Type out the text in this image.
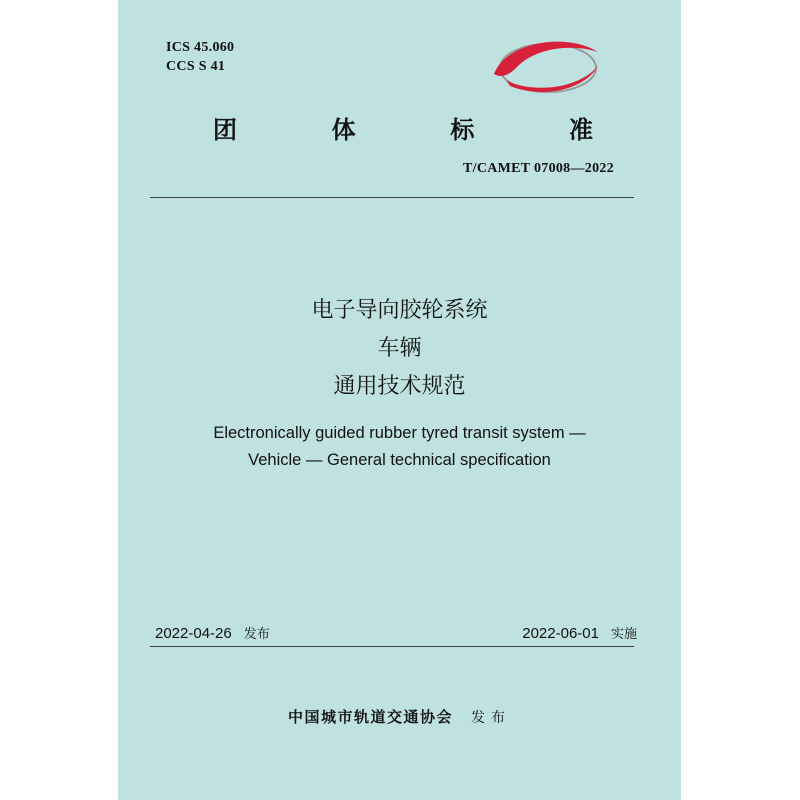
ICS 45.060
CCS S 41
团	体	标	准
T/CAMET 07008—2022
电子导向胶轮系统
车辆
通用技术规范
Electronically guided rubber tyred transit system —
Vehicle — General technical specification
2022-04-26 发布	2022-06-01 实施
中国城市轨道交通协会 发布
